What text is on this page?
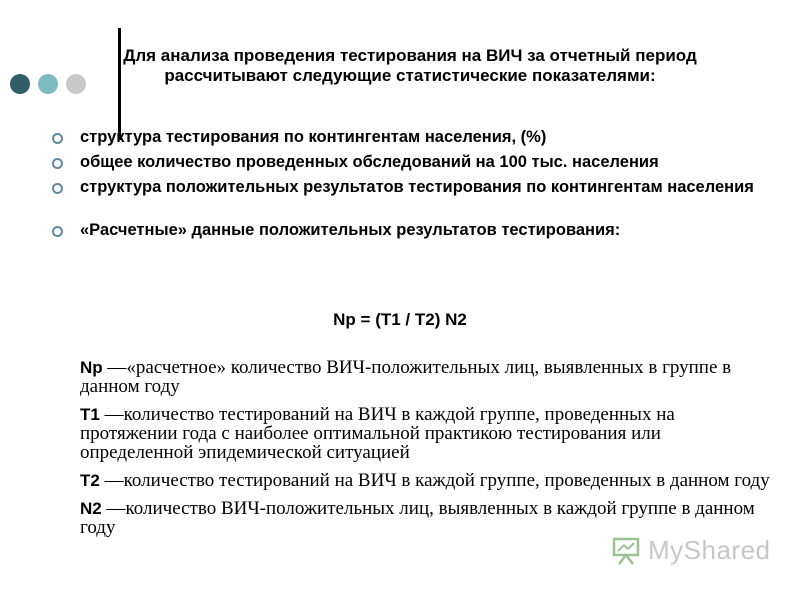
Для анализа проведения тестирования на ВИЧ за отчетный период рассчитывают следующие статистические показателями:
структура тестирования по контингентам населения, (%)
общее количество проведенных обследований на 100 тыс. населения
структура положительных результатов тестирования по контингентам населения
«Расчетные» данные положительных результатов тестирования:
Np = (T1 / T2) N2
Np —«расчетное» количество ВИЧ-положительных лиц, выявленных в группе в данном году
T1 —количество тестирований на ВИЧ в каждой группе, проведенных на протяжении года с наиболее оптимальной практикою тестирования или определенной эпидемической ситуацией
T2 —количество тестирований на ВИЧ в каждой группе, проведенных в данном году
N2 —количество ВИЧ-положительных лиц, выявленных в каждой группе в данном году
MyShared
